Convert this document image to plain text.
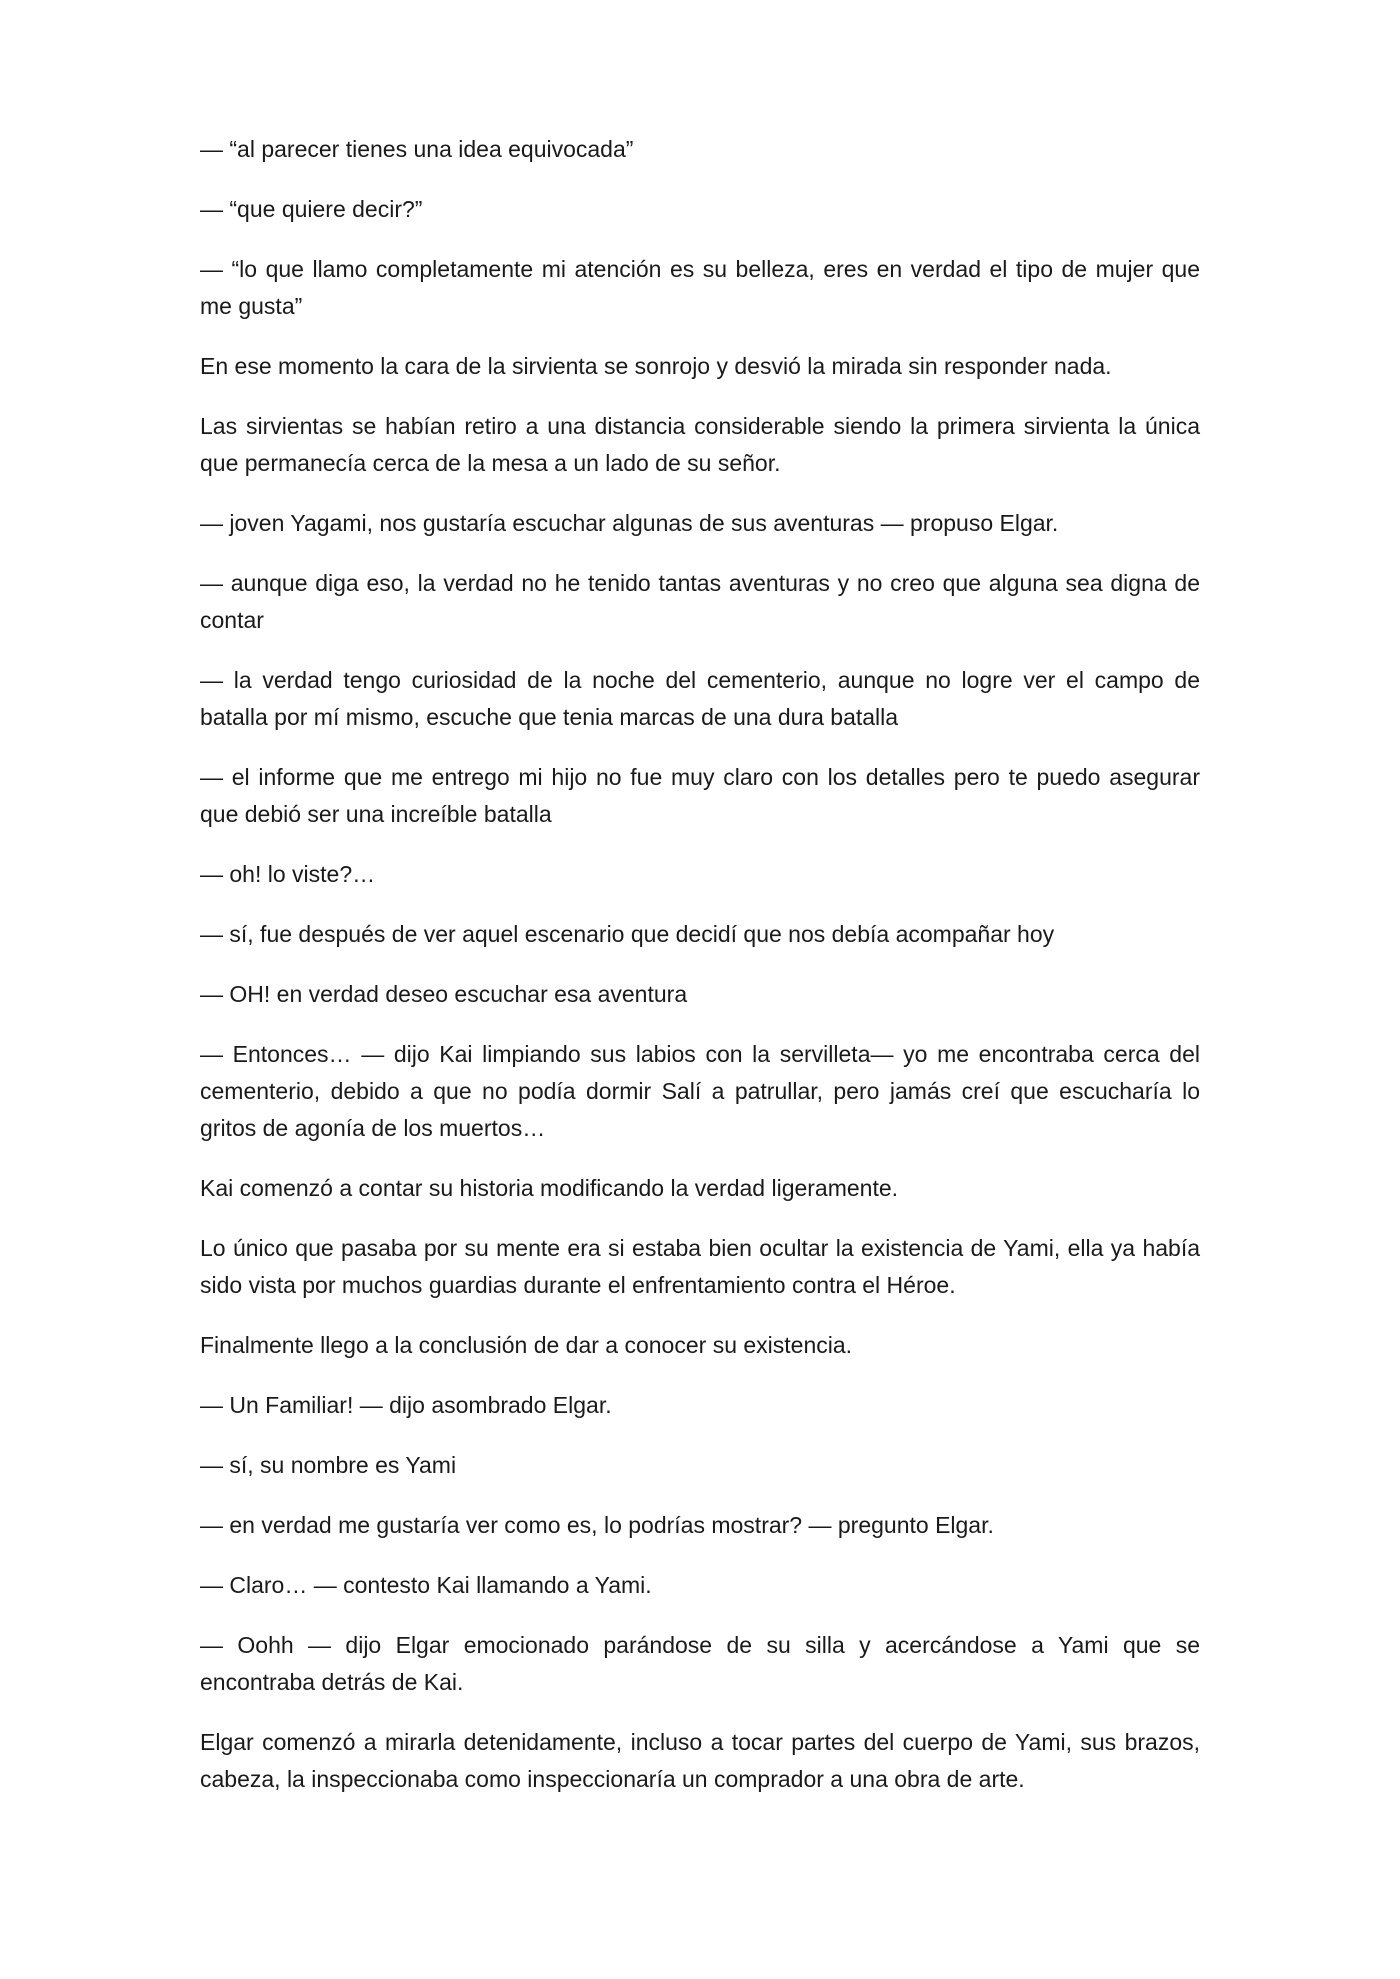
— “al parecer tienes una idea equivocada”

— “que quiere decir?”

— “lo que llamo completamente mi atención es su belleza, eres en verdad el tipo de mujer que me gusta”

En ese momento la cara de la sirvienta se sonrojo y desvió la mirada sin responder nada.

Las sirvientas se habían retiro a una distancia considerable siendo la primera sirvienta la única que permanecía cerca de la mesa a un lado de su señor.

— joven Yagami, nos gustaría escuchar algunas de sus aventuras — propuso Elgar.

— aunque diga eso, la verdad no he tenido tantas aventuras y no creo que alguna sea digna de contar

— la verdad tengo curiosidad de la noche del cementerio, aunque no logre ver el campo de batalla por mí mismo, escuche que tenia marcas de una dura batalla

— el informe que me entrego mi hijo no fue muy claro con los detalles pero te puedo asegurar que debió ser una increíble batalla

— oh! lo viste?…

— sí, fue después de ver aquel escenario que decidí que nos debía acompañar hoy

— OH! en verdad deseo escuchar esa aventura

— Entonces… — dijo Kai limpiando sus labios con la servilleta— yo me encontraba cerca del cementerio, debido a que no podía dormir Salí a patrullar, pero jamás creí que escucharía lo gritos de agonía de los muertos…

Kai comenzó a contar su historia modificando la verdad ligeramente.

Lo único que pasaba por su mente era si estaba bien ocultar la existencia de Yami, ella ya había sido vista por muchos guardias durante el enfrentamiento contra el Héroe.

Finalmente llego a la conclusión de dar a conocer su existencia.

— Un Familiar! — dijo asombrado Elgar.

— sí, su nombre es Yami

— en verdad me gustaría ver como es, lo podrías mostrar? — pregunto Elgar.

— Claro… — contesto Kai llamando a Yami.

— Oohh — dijo Elgar emocionado parándose de su silla y acercándose a Yami que se encontraba detrás de Kai.

Elgar comenzó a mirarla detenidamente, incluso a tocar partes del cuerpo de Yami, sus brazos, cabeza, la inspeccionaba como inspeccionaría un comprador a una obra de arte.
